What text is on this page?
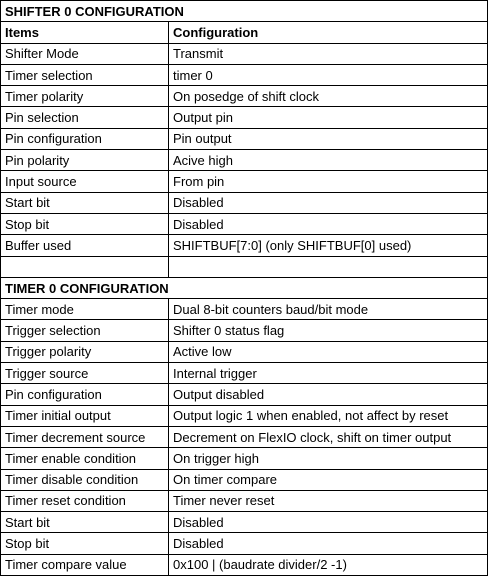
SHIFTER 0 CONFIGURATION	
Items	Configuration
Shifter Mode	Transmit
Timer selection	timer 0
Timer polarity	On posedge of shift clock
Pin selection	Output pin
Pin configuration	Pin output
Pin polarity	Acive high
Input source	From pin
Start bit	Disabled
Stop bit	Disabled
Buffer used	SHIFTBUF[7:0] (only SHIFTBUF[0] used)

TIMER 0 CONFIGURATION	
Timer mode	Dual 8-bit counters baud/bit mode
Trigger selection	Shifter 0 status flag
Trigger polarity	Active low
Trigger source	Internal trigger
Pin configuration	Output disabled
Timer initial output	Output logic 1 when enabled, not affect by reset
Timer decrement source	Decrement on FlexIO clock, shift on timer output
Timer enable condition	On trigger high
Timer disable condition	On timer compare
Timer reset condition	Timer never reset
Start bit	Disabled
Stop bit	Disabled
Timer compare value	0x100 | (baudrate divider/2 -1)
